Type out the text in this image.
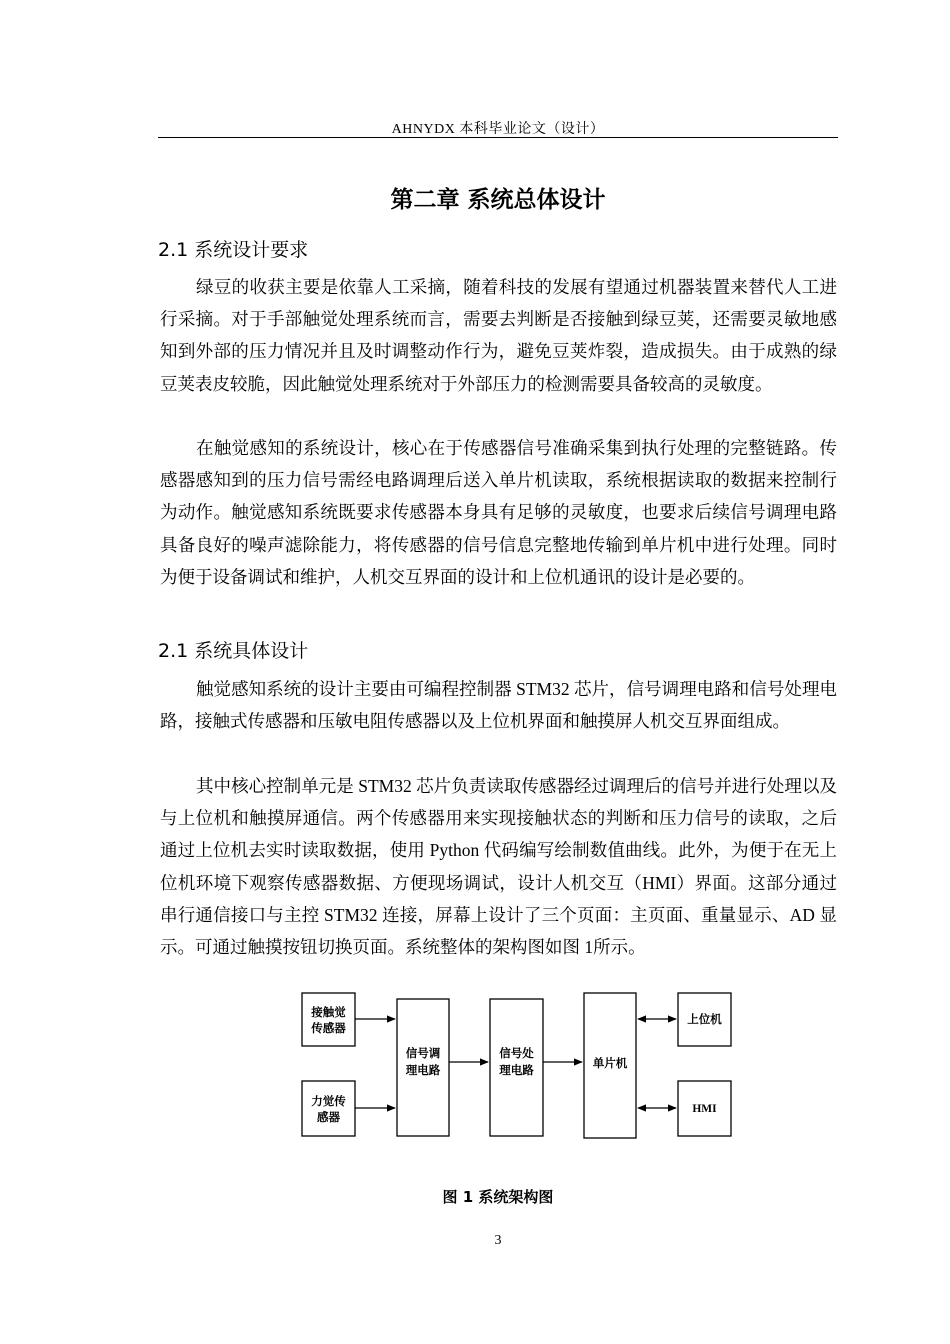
AHNYDX 本科毕业论文（设计）
第二章 系统总体设计
2.1 系统设计要求
绿豆的收获主要是依靠人工采摘，随着科技的发展有望通过机器装置来替代人工进行采摘。对于手部触觉处理系统而言，需要去判断是否接触到绿豆荚，还需要灵敏地感知到外部的压力情况并且及时调整动作行为，避免豆荚炸裂，造成损失。由于成熟的绿豆荚表皮较脆，因此触觉处理系统对于外部压力的检测需要具备较高的灵敏度。
在触觉感知的系统设计，核心在于传感器信号准确采集到执行处理的完整链路。传感器感知到的压力信号需经电路调理后送入单片机读取，系统根据读取的数据来控制行为动作。触觉感知系统既要求传感器本身具有足够的灵敏度，也要求后续信号调理电路具备良好的噪声滤除能力，将传感器的信号信息完整地传输到单片机中进行处理。同时为便于设备调试和维护，人机交互界面的设计和上位机通讯的设计是必要的。
2.1 系统具体设计
触觉感知系统的设计主要由可编程控制器 STM32 芯片，信号调理电路和信号处理电路，接触式传感器和压敏电阻传感器以及上位机界面和触摸屏人机交互界面组成。
其中核心控制单元是 STM32 芯片负责读取传感器经过调理后的信号并进行处理以及与上位机和触摸屏通信。两个传感器用来实现接触状态的判断和压力信号的读取，之后通过上位机去实时读取数据，使用 Python 代码编写绘制数值曲线。此外，为便于在无上位机环境下观察传感器数据、方便现场调试，设计人机交互（HMI）界面。这部分通过串行通信接口与主控 STM32 连接，屏幕上设计了三个页面：主页面、重量显示、AD 显示。可通过触摸按钮切换页面。系统整体的架构图如图 1所示。
接触觉
传感器
力觉传
感器
信号调
理电路
信号处
理电路	单片机
上位机
HMI
图 1 系统架构图
3
